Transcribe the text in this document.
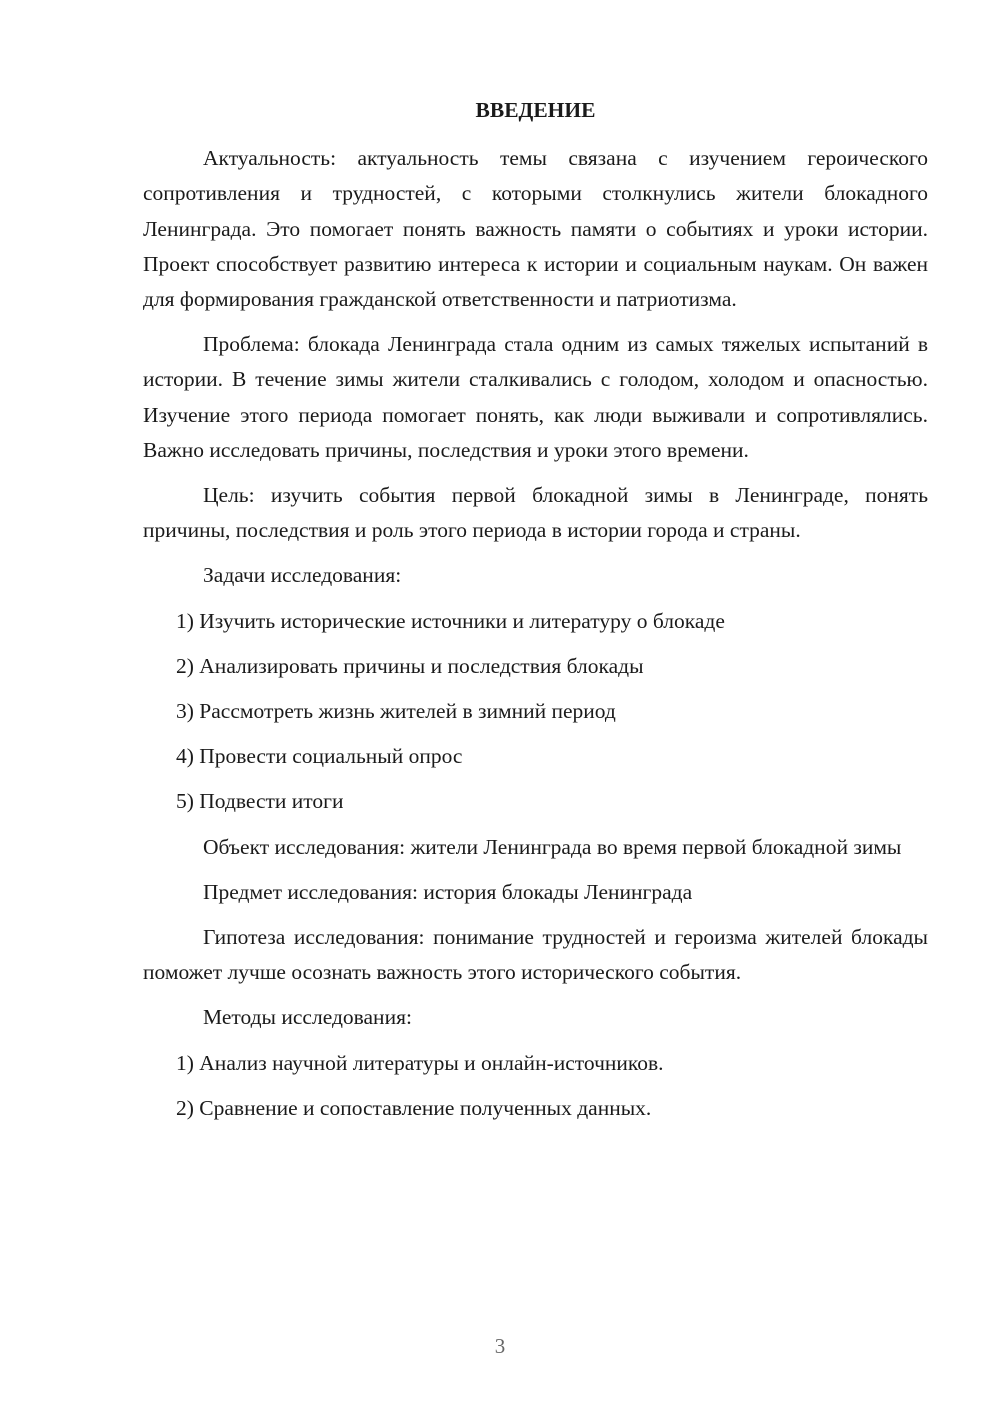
ВВЕДЕНИЕ

Актуальность: актуальность темы связана с изучением героического сопротивления и трудностей, с которыми столкнулись жители блокадного Ленинграда. Это помогает понять важность памяти о событиях и уроки истории. Проект способствует развитию интереса к истории и социальным наукам. Он важен для формирования гражданской ответственности и патриотизма.

Проблема: блокада Ленинграда стала одним из самых тяжелых испытаний в истории. В течение зимы жители сталкивались с голодом, холодом и опасностью. Изучение этого периода помогает понять, как люди выживали и сопротивлялись. Важно исследовать причины, последствия и уроки этого времени.

Цель: изучить события первой блокадной зимы в Ленинграде, понять причины, последствия и роль этого периода в истории города и страны.

Задачи исследования:

1) Изучить исторические источники и литературу о блокаде

2) Анализировать причины и последствия блокады

3) Рассмотреть жизнь жителей в зимний период

4) Провести социальный опрос

5) Подвести итоги

Объект исследования: жители Ленинграда во время первой блокадной зимы

Предмет исследования: история блокады Ленинграда

Гипотеза исследования: понимание трудностей и героизма жителей блокады поможет лучше осознать важность этого исторического события.

Методы исследования:

1) Анализ научной литературы и онлайн-источников.

2) Сравнение и сопоставление полученных данных.

3
